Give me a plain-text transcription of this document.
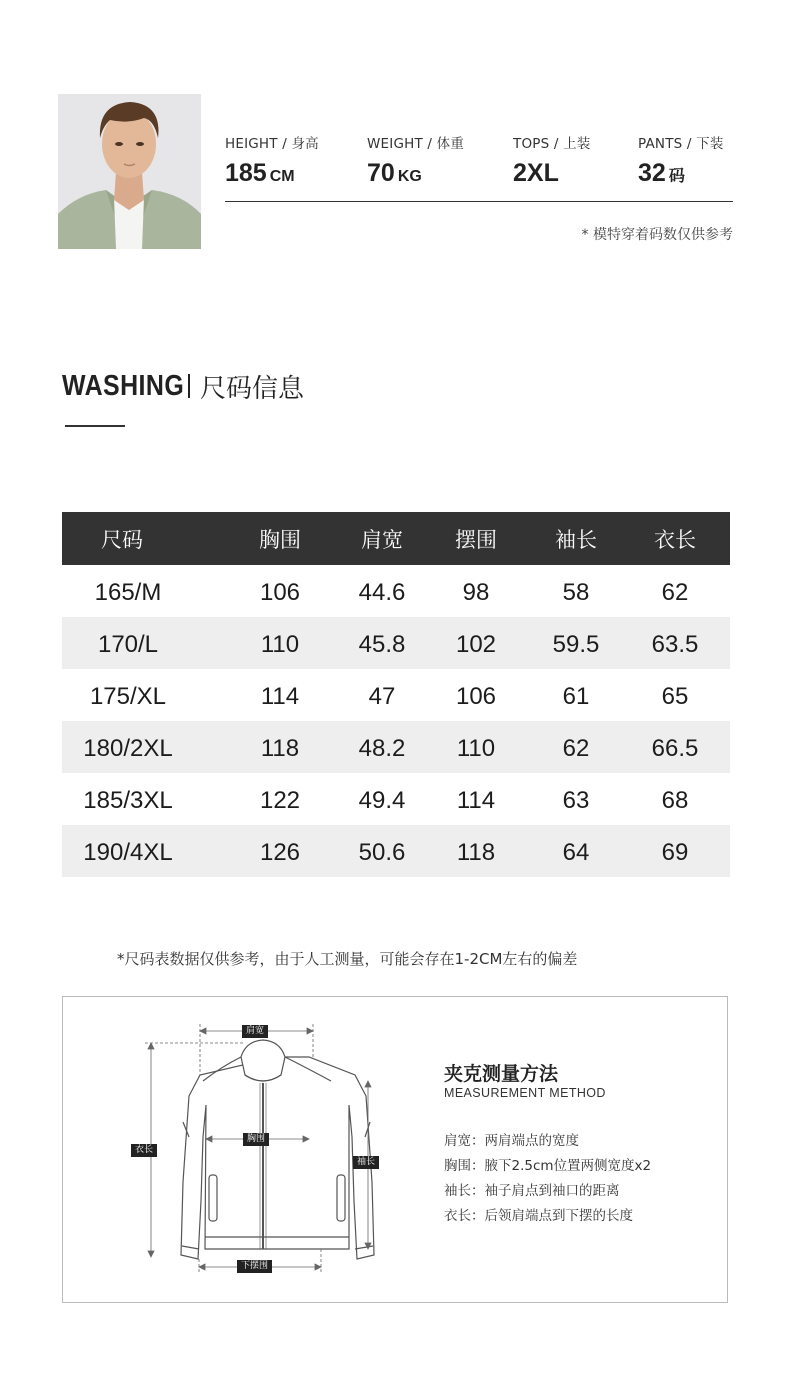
HEIGHT / 身高
185 CM
WEIGHT / 体重
70 KG
TOPS / 上装
2XL
PANTS / 下装
32 码
* 模特穿着码数仅供参考
WASHING 尺码信息
尺码	胸围	肩宽	摆围	袖长	衣长
165/M	106	44.6	98	58	62
170/L	110	45.8	102	59.5	63.5
175/XL	114	47	106	61	65
180/2XL	118	48.2	110	62	66.5
185/3XL	122	49.4	114	63	68
190/4XL	126	50.6	118	64	69
*尺码表数据仅供参考，由于人工测量，可能会存在1-2CM左右的偏差
肩宽
胸围
衣长
袖长
下摆围
夹克测量方法
MEASUREMENT METHOD
肩宽：两肩端点的宽度
胸围：腋下2.5cm位置两侧宽度x2
袖长：袖子肩点到袖口的距离
衣长：后领肩端点到下摆的长度
